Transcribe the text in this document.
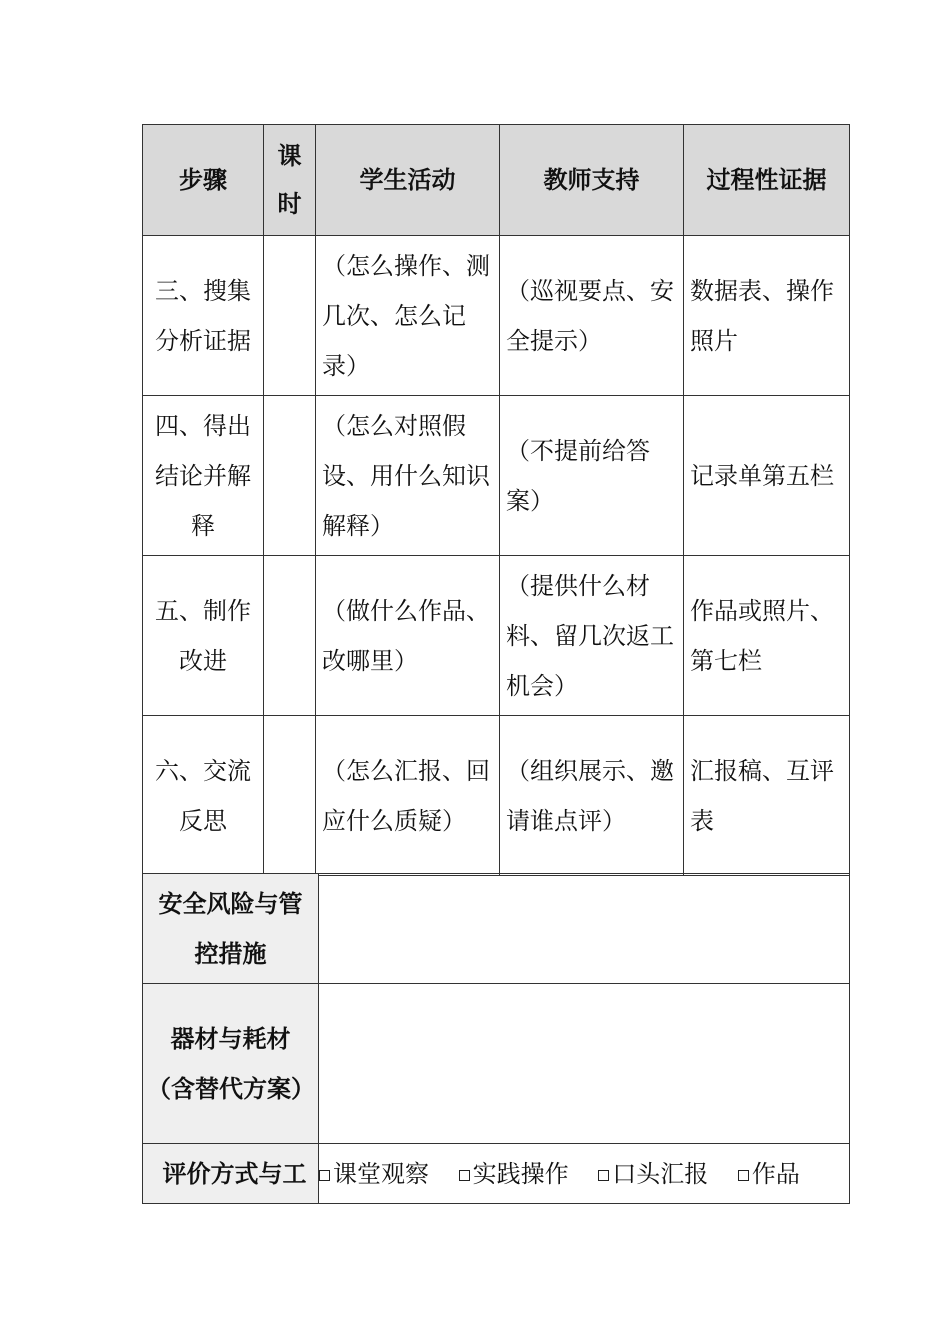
步骤	课时	学生活动	教师支持	过程性证据
三、搜集分析证据		（怎么操作、测几次、怎么记录）	（巡视要点、安全提示）	数据表、操作照片
四、得出结论并解释		（怎么对照假设、用什么知识解释）	（不提前给答案）	记录单第五栏
五、制作改进		（做什么作品、改哪里）	（提供什么材料、留几次返工机会）	作品或照片、第七栏
六、交流反思		（怎么汇报、回应什么质疑）	（组织展示、邀请谁点评）	汇报稿、互评表
安全风险与管控措施	
器材与耗材（含替代方案）	
评价方式与工	课堂观察 实践操作 口头汇报 作品
